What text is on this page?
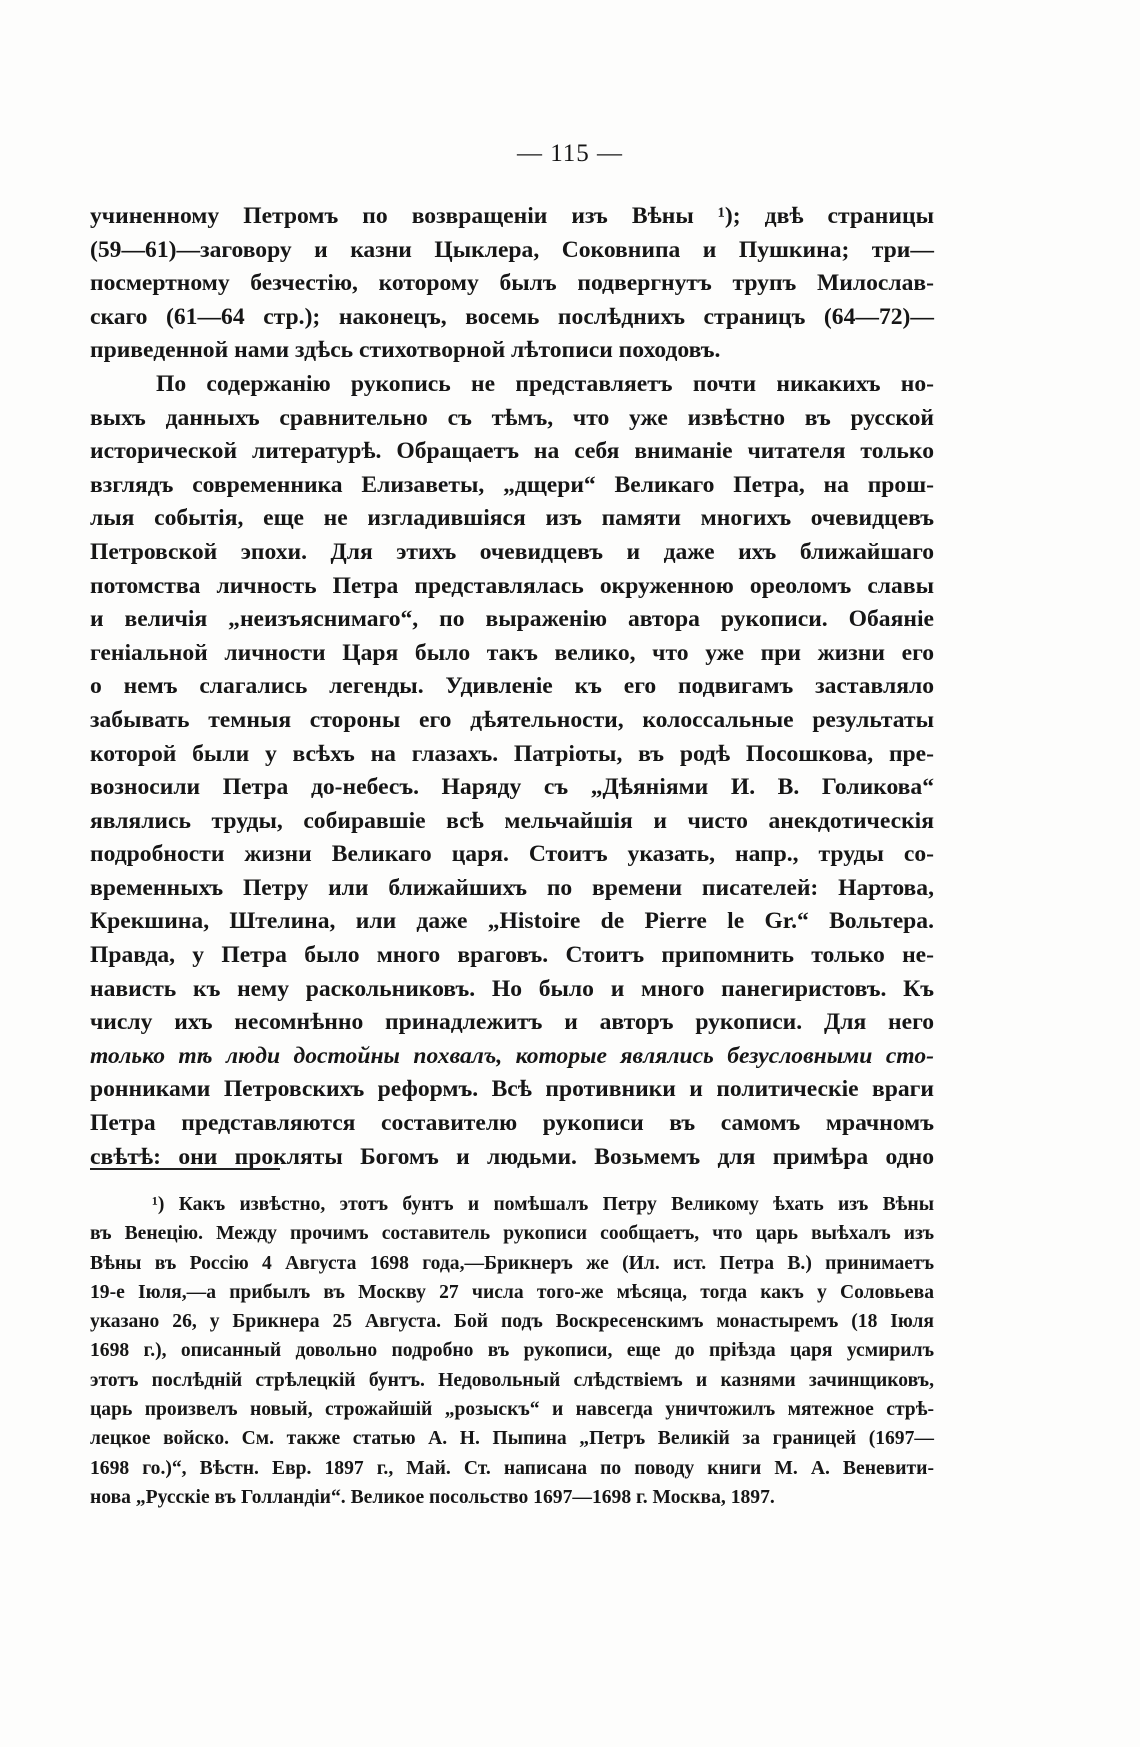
— 115 —
учиненному Петромъ по возвращеніи изъ Вѣны ¹); двѣ страницы
(59—61)—заговору и казни Цыклера, Соковнипа и Пушкина; три—
посмертному безчестію, которому былъ подвергнутъ трупъ Милослав-
скаго (61—64 стр.); наконецъ, восемь послѣднихъ страницъ (64—72)—
приведенной нами здѣсь стихотворной лѣтописи походовъ.
По содержанію рукопись не представляетъ почти никакихъ но-
выхъ данныхъ сравнительно съ тѣмъ, что уже извѣстно въ русской
исторической литературѣ. Обращаетъ на себя вниманіе читателя только
взглядъ современника Елизаветы, „дщери“ Великаго Петра, на прош-
лыя событія, еще не изгладившіяся изъ памяти многихъ очевидцевъ
Петровской эпохи. Для этихъ очевидцевъ и даже ихъ ближайшаго
потомства личность Петра представлялась окруженною ореоломъ славы
и величія „неизъяснимаго“, по выраженію автора рукописи. Обаяніе
геніальной личности Царя было такъ велико, что уже при жизни его
о немъ слагались легенды. Удивленіе къ его подвигамъ заставляло
забывать темныя стороны его дѣятельности, колоссальные результаты
которой были у всѣхъ на глазахъ. Патріоты, въ родѣ Посошкова, пре-
возносили Петра до-небесъ. Наряду съ „Дѣяніями И. В. Голикова“
являлись труды, собиравшіе всѣ мельчайшія и чисто анекдотическія
подробности жизни Великаго царя. Стоитъ указать, напр., труды со-
временныхъ Петру или ближайшихъ по времени писателей: Нартова,
Крекшина, Штелина, или даже „Histoire de Pierre le Gr.“ Вольтера.
Правда, у Петра было много враговъ. Стоитъ припомнить только не-
нависть къ нему раскольниковъ. Но было и много панегиристовъ. Къ
числу ихъ несомнѣнно принадлежитъ и авторъ рукописи. Для него
только тѣ люди достойны похвалъ, которые являлись безусловными сто-
ронниками Петровскихъ реформъ. Всѣ противники и политическіе враги
Петра представляются составителю рукописи въ самомъ мрачномъ
свѣтѣ: они прокляты Богомъ и людьми. Возьмемъ для примѣра одно
¹) Какъ извѣстно, этотъ бунтъ и помѣшалъ Петру Великому ѣхать изъ Вѣны
въ Венецію. Между прочимъ составитель рукописи сообщаетъ, что царь выѣхалъ изъ
Вѣны въ Россію 4 Августа 1698 года,—Брикнеръ же (Ил. ист. Петра В.) принимаетъ
19-е Іюля,—а прибылъ въ Москву 27 числа того-же мѣсяца, тогда какъ у Соловьева
указано 26, у Брикнера 25 Августа. Бой подъ Воскресенскимъ монастыремъ (18 Іюля
1698 г.), описанный довольно подробно въ рукописи, еще до пріѣзда царя усмирилъ
этотъ послѣдній стрѣлецкій бунтъ. Недовольный слѣдствіемъ и казнями зачинщиковъ,
царь произвелъ новый, строжайшій „розыскъ“ и навсегда уничтожилъ мятежное стрѣ-
лецкое войско. См. также статью А. Н. Пыпина „Петръ Великій за границей (1697—
1698 го.)“, Вѣстн. Евр. 1897 г., Май. Ст. написана по поводу книги М. А. Веневити-
нова „Русскіе въ Голландіи“. Великое посольство 1697—1698 г. Москва, 1897.
